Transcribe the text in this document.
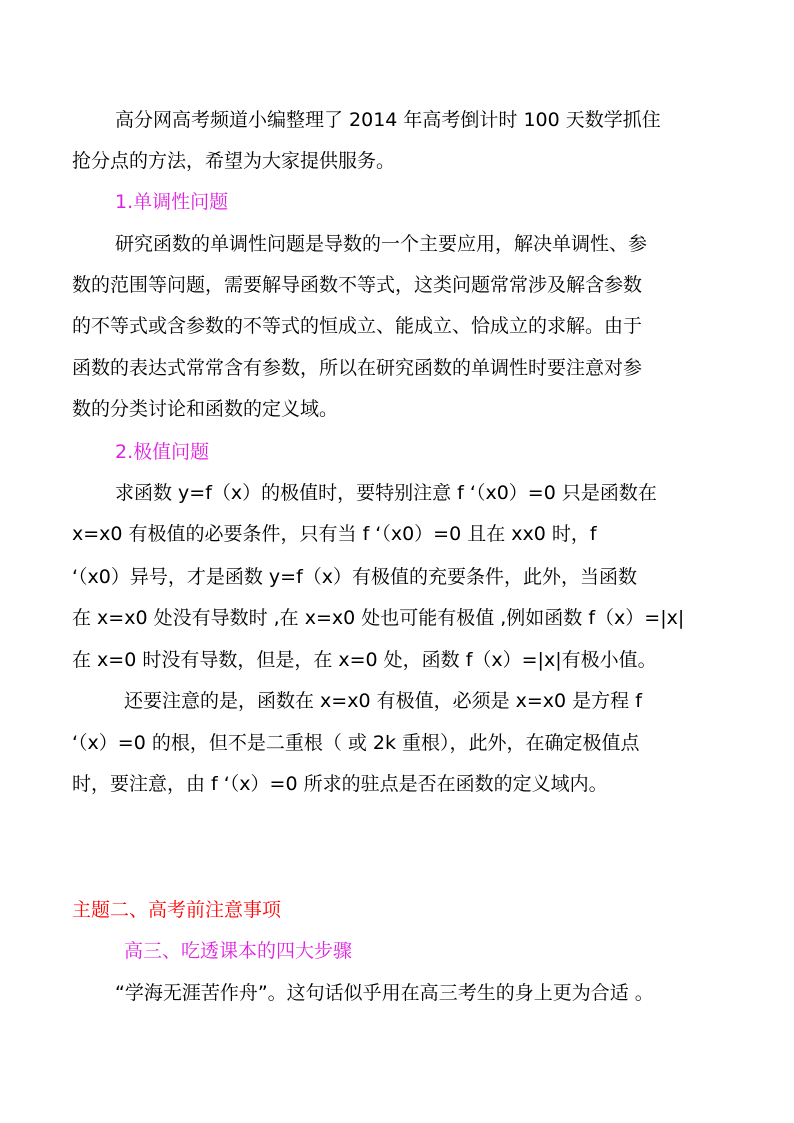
高分网高考频道小编整理了 2014 年高考倒计时 100 天数学抓住
抢分点的方法，希望为大家提供服务。
1.单调性问题
研究函数的单调性问题是导数的一个主要应用，解决单调性、参
数的范围等问题，需要解导函数不等式，这类问题常常涉及解含参数
的不等式或含参数的不等式的恒成立、能成立、恰成立的求解。由于
函数的表达式常常含有参数，所以在研究函数的单调性时要注意对参
数的分类讨论和函数的定义域。
2.极值问题
求函数 y=f（x）的极值时，要特别注意 f ‘（x0）=0 只是函数在
x=x0 有极值的必要条件，只有当 f ‘（x0）=0 且在 xx0 时，f
‘（x0）异号，才是函数 y=f（x）有极值的充要条件，此外，当函数
在 x=x0 处没有导数时 ,在 x=x0 处也可能有极值 ,例如函数 f（x）=|x|
在 x=0 时没有导数，但是，在 x=0 处，函数 f（x）=|x|有极小值。
还要注意的是，函数在 x=x0 有极值，必须是 x=x0 是方程 f
‘（x）=0 的根，但不是二重根（ 或 2k 重根），此外，在确定极值点
时，要注意，由 f ‘（x）=0 所求的驻点是否在函数的定义域内。
主题二、高考前注意事项
高三、吃透课本的四大步骤
“学海无涯苦作舟”。这句话似乎用在高三考生的身上更为合适 。
